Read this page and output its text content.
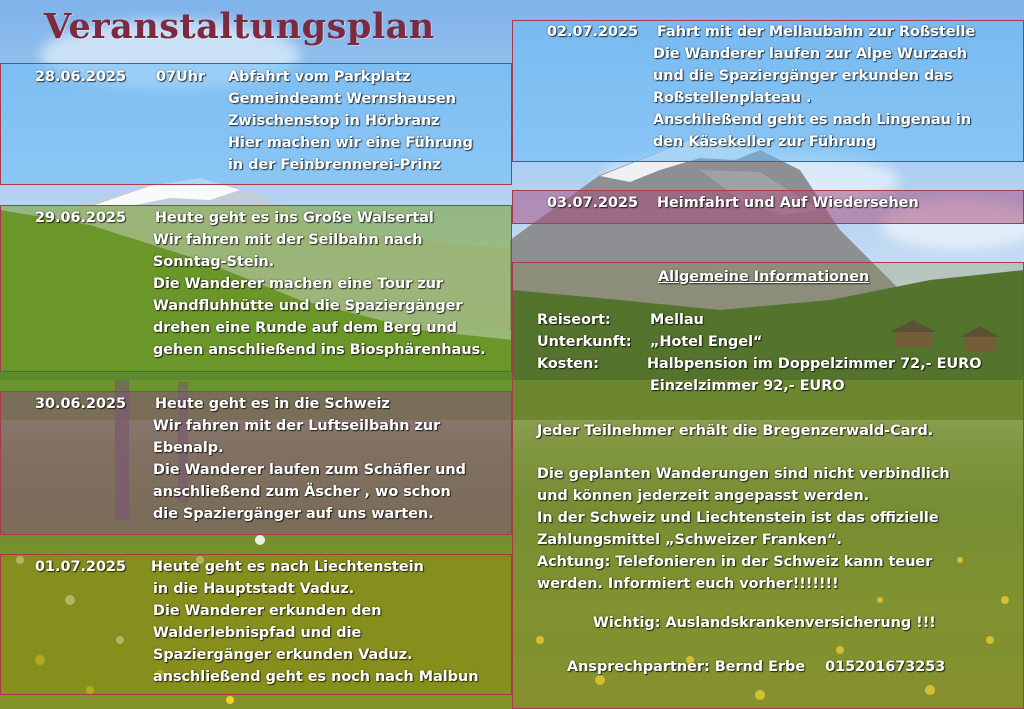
Veranstaltungsplan
28.06.2025 07Uhr Abfahrt vom Parkplatz
Gemeindeamt Wernshausen
Zwischenstop in Hörbranz
Hier machen wir eine Führung
in der Feinbrennerei-Prinz
29.06.2025 Heute geht es ins Große Walsertal
Wir fahren mit der Seilbahn nach
Sonntag-Stein.
Die Wanderer machen eine Tour zur
Wandfluhhütte und die Spaziergänger
drehen eine Runde auf dem Berg und
gehen anschließend ins Biosphärenhaus.
30.06.2025 Heute geht es in die Schweiz
Wir fahren mit der Luftseilbahn zur
Ebenalp.
Die Wanderer laufen zum Schäfler und
anschließend zum Äscher , wo schon
die Spaziergänger auf uns warten.
01.07.2025 Heute geht es nach Liechtenstein
in die Hauptstadt Vaduz.
Die Wanderer erkunden den
Walderlebnispfad und die
Spaziergänger erkunden Vaduz.
anschließend geht es noch nach Malbun
02.07.2025 Fahrt mit der Mellaubahn zur Roßstelle
Die Wanderer laufen zur Alpe Wurzach
und die Spaziergänger erkunden das
Roßstellenplateau .
Anschließend geht es nach Lingenau in
den Käsekeller zur Führung
03.07.2025 Heimfahrt und Auf Wiedersehen
Allgemeine Informationen
Reiseort:	Mellau
Unterkunft: „Hotel Engel“
Kosten:	Halbpension im Doppelzimmer 72,- EURO
Einzelzimmer 92,- EURO
Jeder Teilnehmer erhält die Bregenzerwald-Card.
Die geplanten Wanderungen sind nicht verbindlich
und können jederzeit angepasst werden.
In der Schweiz und Liechtenstein ist das offizielle
Zahlungsmittel „Schweizer Franken“.
Achtung: Telefonieren in der Schweiz kann teuer
werden. Informiert euch vorher!!!!!!!
Wichtig: Auslandskrankenversicherung !!!
Ansprechpartner: Bernd Erbe    015201673253
